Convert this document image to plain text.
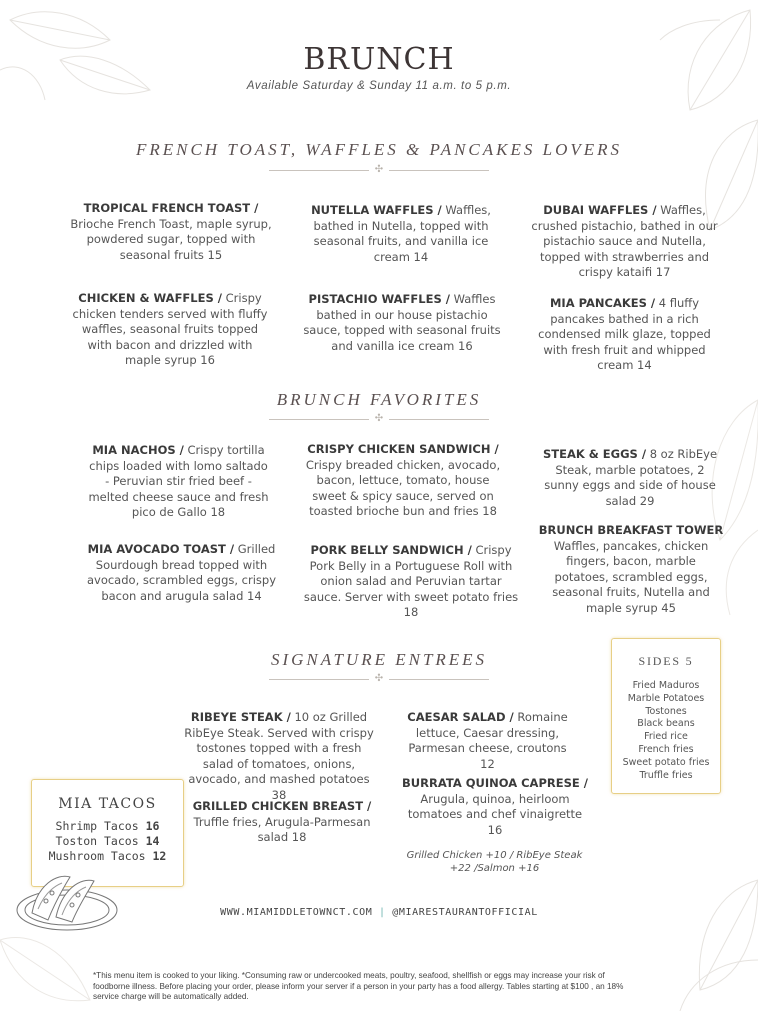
BRUNCH
Available Saturday & Sunday 11 a.m. to 5 p.m.
FRENCH TOAST, WAFFLES & PANCAKES LOVERS
✣
TROPICAL FRENCH TOAST /
Brioche French Toast, maple syrup, powdered sugar, topped with seasonal fruits 15
NUTELLA WAFFLES / Waffles, bathed in Nutella, topped with seasonal fruits, and vanilla ice cream 14
DUBAI WAFFLES / Waffles, crushed pistachio, bathed in our pistachio sauce and Nutella, topped with strawberries and crispy kataifi 17
CHICKEN & WAFFLES / Crispy chicken tenders served with fluffy waffles, seasonal fruits topped with bacon and drizzled with maple syrup 16
PISTACHIO WAFFLES / Waffles bathed in our house pistachio sauce, topped with seasonal fruits and vanilla ice cream 16
MIA PANCAKES / 4 fluffy pancakes bathed in a rich condensed milk glaze, topped with fresh fruit and whipped cream 14
BRUNCH FAVORITES
✣
MIA NACHOS / Crispy tortilla chips loaded with lomo saltado - Peruvian stir fried beef - melted cheese sauce and fresh pico de Gallo 18
CRISPY CHICKEN SANDWICH / Crispy breaded chicken, avocado, bacon, lettuce, tomato, house sweet & spicy sauce, served on toasted brioche bun and fries 18
STEAK & EGGS / 8 oz RibEye Steak, marble potatoes, 2 sunny eggs and side of house salad 29
MIA AVOCADO TOAST / Grilled Sourdough bread topped with avocado, scrambled eggs, crispy bacon and arugula salad 14
PORK BELLY SANDWICH / Crispy Pork Belly in a Portuguese Roll with onion salad and Peruvian tartar sauce. Server with sweet potato fries 18
BRUNCH BREAKFAST TOWER
Waffles, pancakes, chicken fingers, bacon, marble potatoes, scrambled eggs, seasonal fruits, Nutella and maple syrup 45
SIGNATURE ENTREES
✣
RIBEYE STEAK / 10 oz Grilled RibEye Steak. Served with crispy tostones topped with a fresh salad of tomatoes, onions, avocado, and mashed potatoes 38
CAESAR SALAD / Romaine lettuce, Caesar dressing, Parmesan cheese, croutons 12
GRILLED CHICKEN BREAST / Truffle fries, Arugula-Parmesan salad 18
BURRATA QUINOA CAPRESE /
Arugula, quinoa, heirloom tomatoes and chef vinaigrette 16
Grilled Chicken +10 / RibEye Steak +22 /Salmon +16
SIDES 5
Fried Maduros
Marble Potatoes
Tostones
Black beans
Fried rice
French fries
Sweet potato fries
Truffle fries
MIA TACOS
Shrimp Tacos 16
Toston Tacos 14
Mushroom Tacos 12
WWW.MIAMIDDLETOWNCT.COM | @MIARESTAURANTOFFICIAL
*This menu item is cooked to your liking. *Consuming raw or undercooked meats, poultry, seafood, shellfish or eggs may increase your risk of foodborne illness. Before placing your order, please inform your server if a person in your party has a food allergy. Tables starting at $100 , an 18% service charge will be automatically added.
